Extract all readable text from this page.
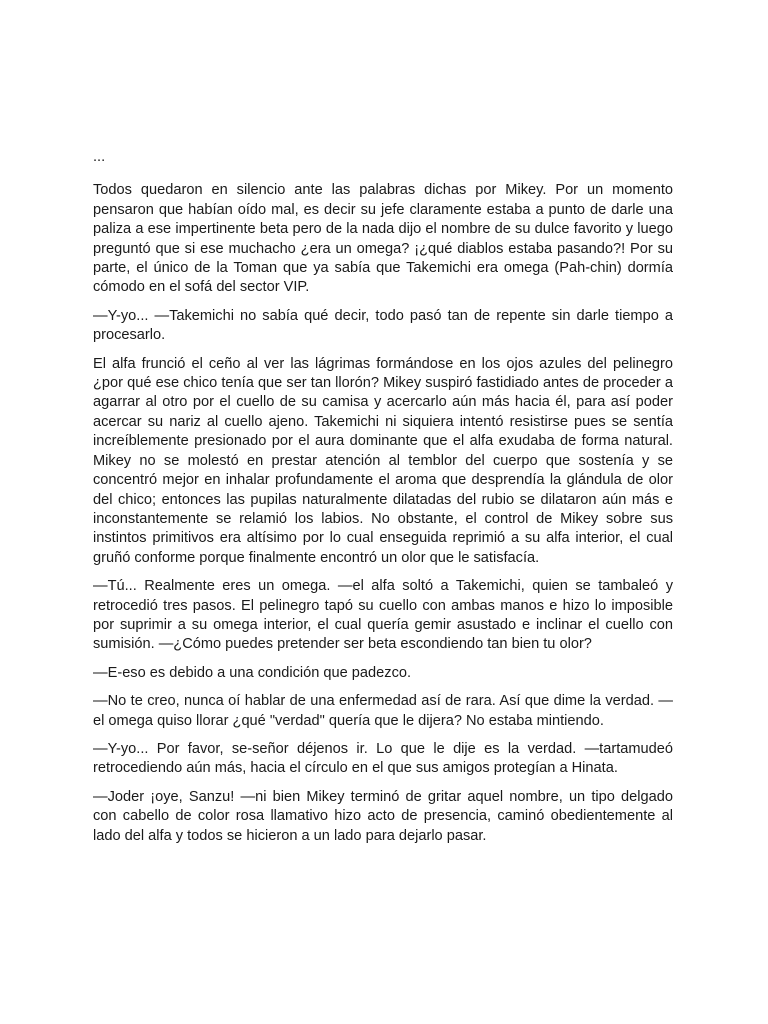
...

Todos quedaron en silencio ante las palabras dichas por Mikey. Por un momento pensaron que habían oído mal, es decir su jefe claramente estaba a punto de darle una paliza a ese impertinente beta pero de la nada dijo el nombre de su dulce favorito y luego preguntó que si ese muchacho ¿era un omega? ¡¿qué diablos estaba pasando?! Por su parte, el único de la Toman que ya sabía que Takemichi era omega (Pah-chin) dormía cómodo en el sofá del sector VIP.

—Y-yo... —Takemichi no sabía qué decir, todo pasó tan de repente sin darle tiempo a procesarlo.

El alfa frunció el ceño al ver las lágrimas formándose en los ojos azules del pelinegro ¿por qué ese chico tenía que ser tan llorón? Mikey suspiró fastidiado antes de proceder a agarrar al otro por el cuello de su camisa y acercarlo aún más hacia él, para así poder acercar su nariz al cuello ajeno. Takemichi ni siquiera intentó resistirse pues se sentía increíblemente presionado por el aura dominante que el alfa exudaba de forma natural. Mikey no se molestó en prestar atención al temblor del cuerpo que sostenía y se concentró mejor en inhalar profundamente el aroma que desprendía la glándula de olor del chico; entonces las pupilas naturalmente dilatadas del rubio se dilataron aún más e inconstantemente se relamió los labios. No obstante, el control de Mikey sobre sus instintos primitivos era altísimo por lo cual enseguida reprimió a su alfa interior, el cual gruñó conforme porque finalmente encontró un olor que le satisfacía.

—Tú... Realmente eres un omega. —el alfa soltó a Takemichi, quien se tambaleó y retrocedió tres pasos. El pelinegro tapó su cuello con ambas manos e hizo lo imposible por suprimir a su omega interior, el cual quería gemir asustado e inclinar el cuello con sumisión. —¿Cómo puedes pretender ser beta escondiendo tan bien tu olor?

—E-eso es debido a una condición que padezco.

—No te creo, nunca oí hablar de una enfermedad así de rara. Así que dime la verdad. —el omega quiso llorar ¿qué "verdad" quería que le dijera? No estaba mintiendo.

—Y-yo... Por favor, se-señor déjenos ir. Lo que le dije es la verdad. —tartamudeó retrocediendo aún más, hacia el círculo en el que sus amigos protegían a Hinata.

—Joder ¡oye, Sanzu! —ni bien Mikey terminó de gritar aquel nombre, un tipo delgado con cabello de color rosa llamativo hizo acto de presencia, caminó obedientemente al lado del alfa y todos se hicieron a un lado para dejarlo pasar.
